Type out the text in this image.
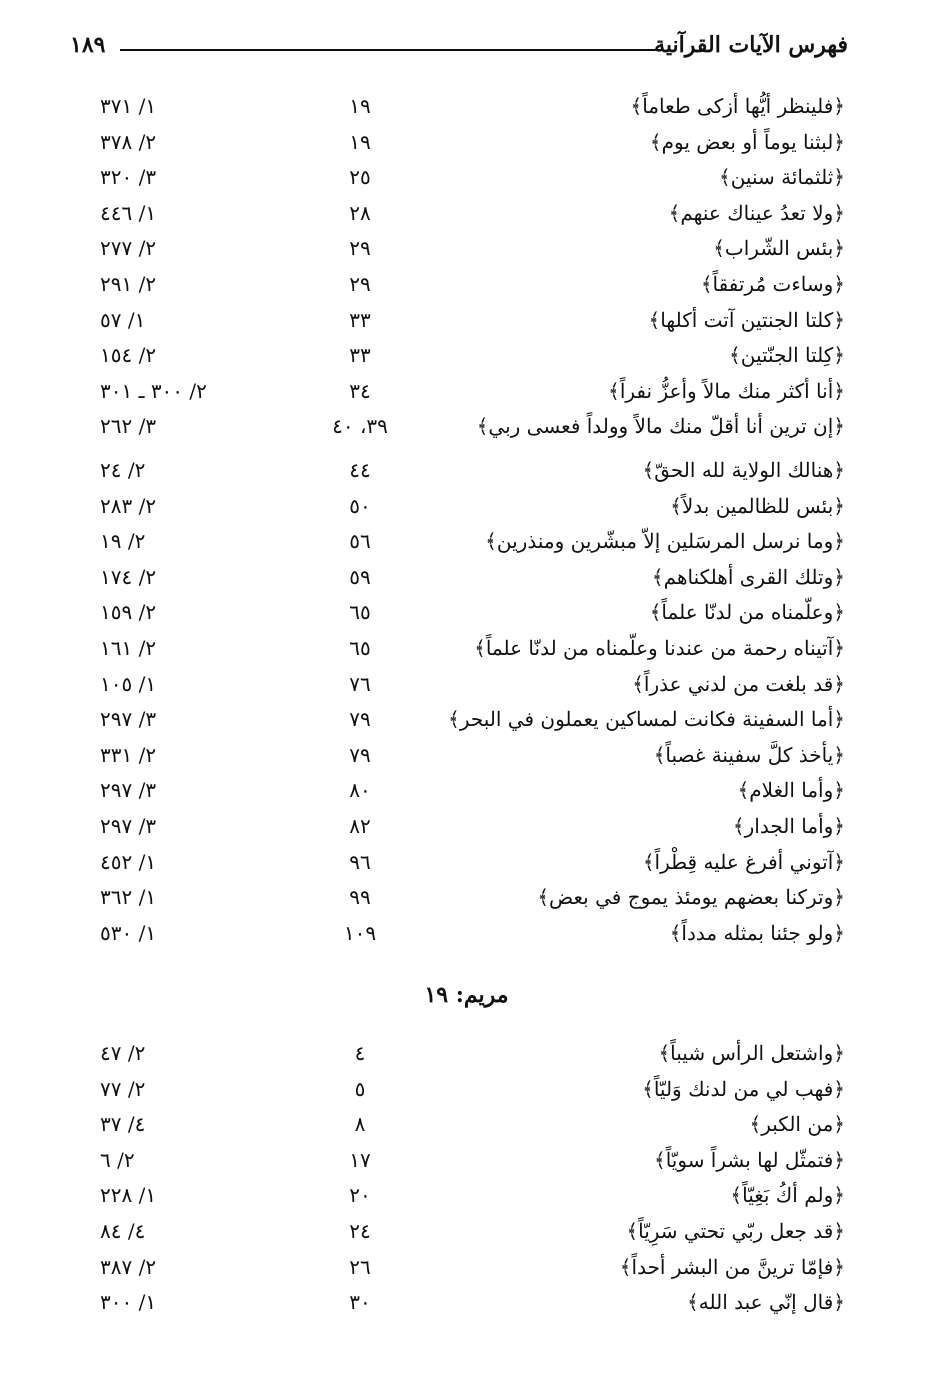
فهرس الآيات القرآنية
١٨٩
﴿فلينظر أيُّها أزكى طعاماً﴾
١٩
١/ ٣٧١
﴿لبثنا يوماً أو بعض يوم﴾
١٩
٢/ ٣٧٨
﴿ثلثمائة سنين﴾
٢٥
٣/ ٣٢٠
﴿ولا تعدُ عيناك عنهم﴾
٢٨
١/ ٤٤٦
﴿بئس الشّراب﴾
٢٩
٢/ ٢٧٧
﴿وساءت مُرتفقاً﴾
٢٩
٢/ ٢٩١
﴿كلتا الجنتين آتت أكلها﴾
٣٣
١/ ٥٧
﴿كِلتا الجنّتين﴾
٣٣
٢/ ١٥٤
﴿أنا أكثر منك مالاً وأعزُّ نفراً﴾
٣٤
٢/ ٣٠٠ ـ ٣٠١
﴿إن ترين أنا أقلّ منك مالاً وولداً فعسى ربي﴾
٣٩، ٤٠
٣/ ٢٦٢
﴿هنالك الولاية لله الحقّ﴾
٤٤
٢/ ٢٤
﴿بئس للظالمين بدلاً﴾
٥٠
٢/ ٢٨٣
﴿وما نرسل المرسَلين إلاّ مبشّرين ومنذرين﴾
٥٦
٢/ ١٩
﴿وتلك القرى أهلكناهم﴾
٥٩
٢/ ١٧٤
﴿وعلّمناه من لدنّا علماً﴾
٦٥
٢/ ١٥٩
﴿آتيناه رحمة من عندنا وعلّمناه من لدنّا علماً﴾
٦٥
٢/ ١٦١
﴿قد بلغت من لدني عذراً﴾
٧٦
١/ ١٠٥
﴿أما السفينة فكانت لمساكين يعملون في البحر﴾
٧٩
٣/ ٢٩٧
﴿يأخذ كلَّ سفينة غصباً﴾
٧٩
٢/ ٣٣١
﴿وأما الغلام﴾
٨٠
٣/ ٢٩٧
﴿وأما الجدار﴾
٨٢
٣/ ٢٩٧
﴿آتوني أفرغ عليه قِطْراً﴾
٩٦
١/ ٤٥٢
﴿وتركنا بعضهم يومئذ يموج في بعض﴾
٩٩
١/ ٣٦٢
﴿ولو جئنا بمثله مدداً﴾
١٠٩
١/ ٥٣٠
مريم: ١٩
﴿واشتعل الرأس شيباً﴾
٤
٢/ ٤٧
﴿فهب لي من لدنك وَليّاً﴾
٥
٢/ ٧٧
﴿من الكبر﴾
٨
٤/ ٣٧
﴿فتمثّل لها بشراً سويّاً﴾
١٧
٢/ ٦
﴿ولم أكُ بَغِيّاً﴾
٢٠
١/ ٢٢٨
﴿قد جعل ربّي تحتي سَرِيّاً﴾
٢٤
٤/ ٨٤
﴿فإمّا ترينَّ من البشر أحداً﴾
٢٦
٢/ ٣٨٧
﴿قال إنّي عبد الله﴾
٣٠
١/ ٣٠٠
